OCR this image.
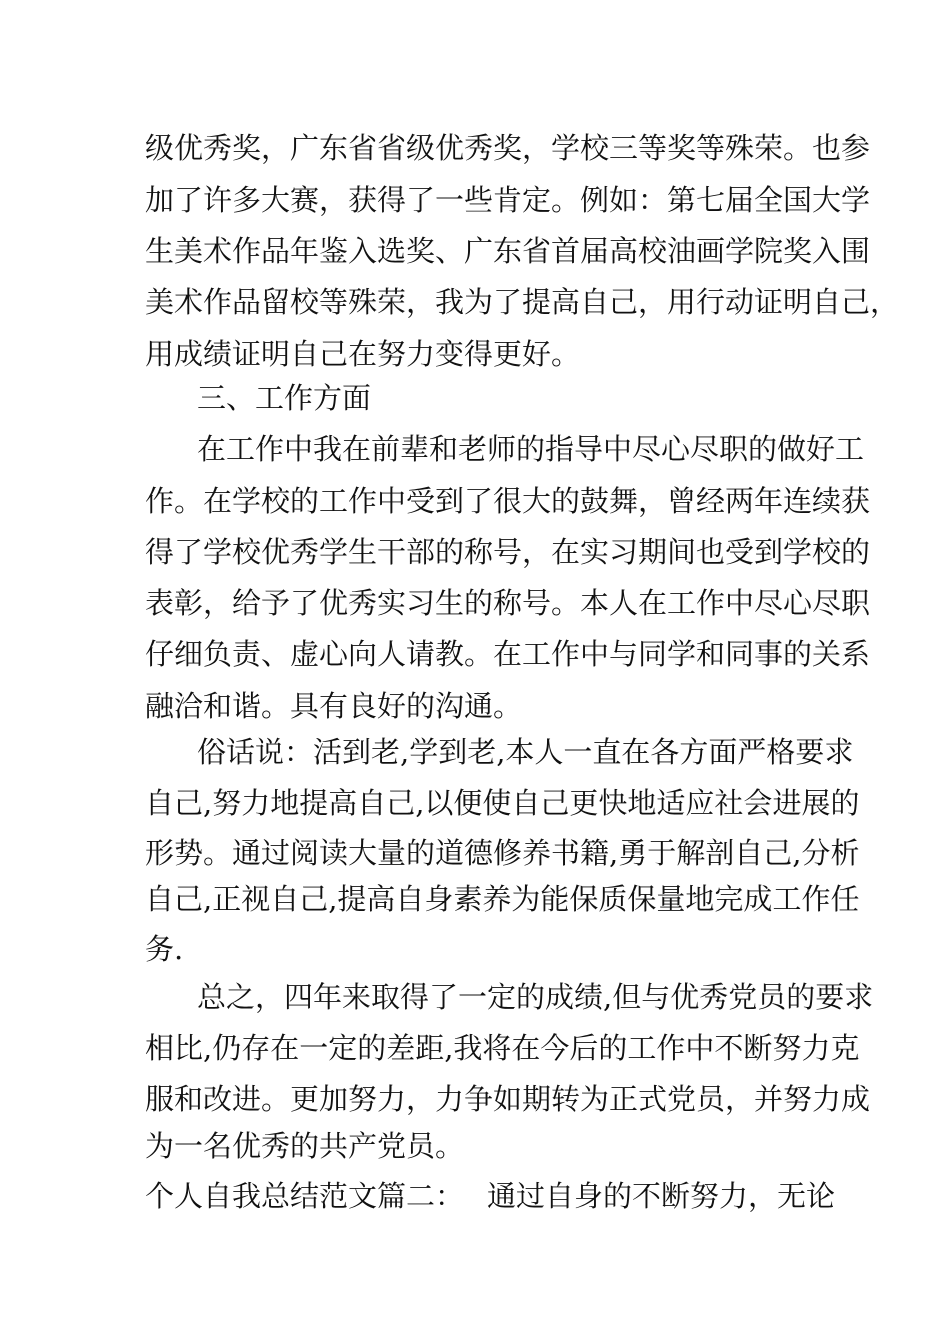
级优秀奖，广东省省级优秀奖，学校三等奖等殊荣。也参
加了许多大赛，获得了一些肯定。例如：第七届全国大学
生美术作品年鉴入选奖、广东省首届高校油画学院奖入围
美术作品留校等殊荣，我为了提高自己，用行动证明自己，
用成绩证明自己在努力变得更好。
三、工作方面
在工作中我在前辈和老师的指导中尽心尽职的做好工
作。在学校的工作中受到了很大的鼓舞，曾经两年连续获
得了学校优秀学生干部的称号，在实习期间也受到学校的
表彰，给予了优秀实习生的称号。本人在工作中尽心尽职
仔细负责、虚心向人请教。在工作中与同学和同事的关系
融洽和谐。具有良好的沟通。
俗话说：活到老,学到老,本人一直在各方面严格要求
自己,努力地提高自己,以便使自己更快地适应社会进展的
形势。通过阅读大量的道德修养书籍,勇于解剖自己,分析
自己,正视自己,提高自身素养为能保质保量地完成工作任
务.
总之，四年来取得了一定的成绩,但与优秀党员的要求
相比,仍存在一定的差距,我将在今后的工作中不断努力克
服和改进。更加努力，力争如期转为正式党员，并努力成
为一名优秀的共产党员。
个人自我总结范文篇二： 通过自身的不断努力，无论
